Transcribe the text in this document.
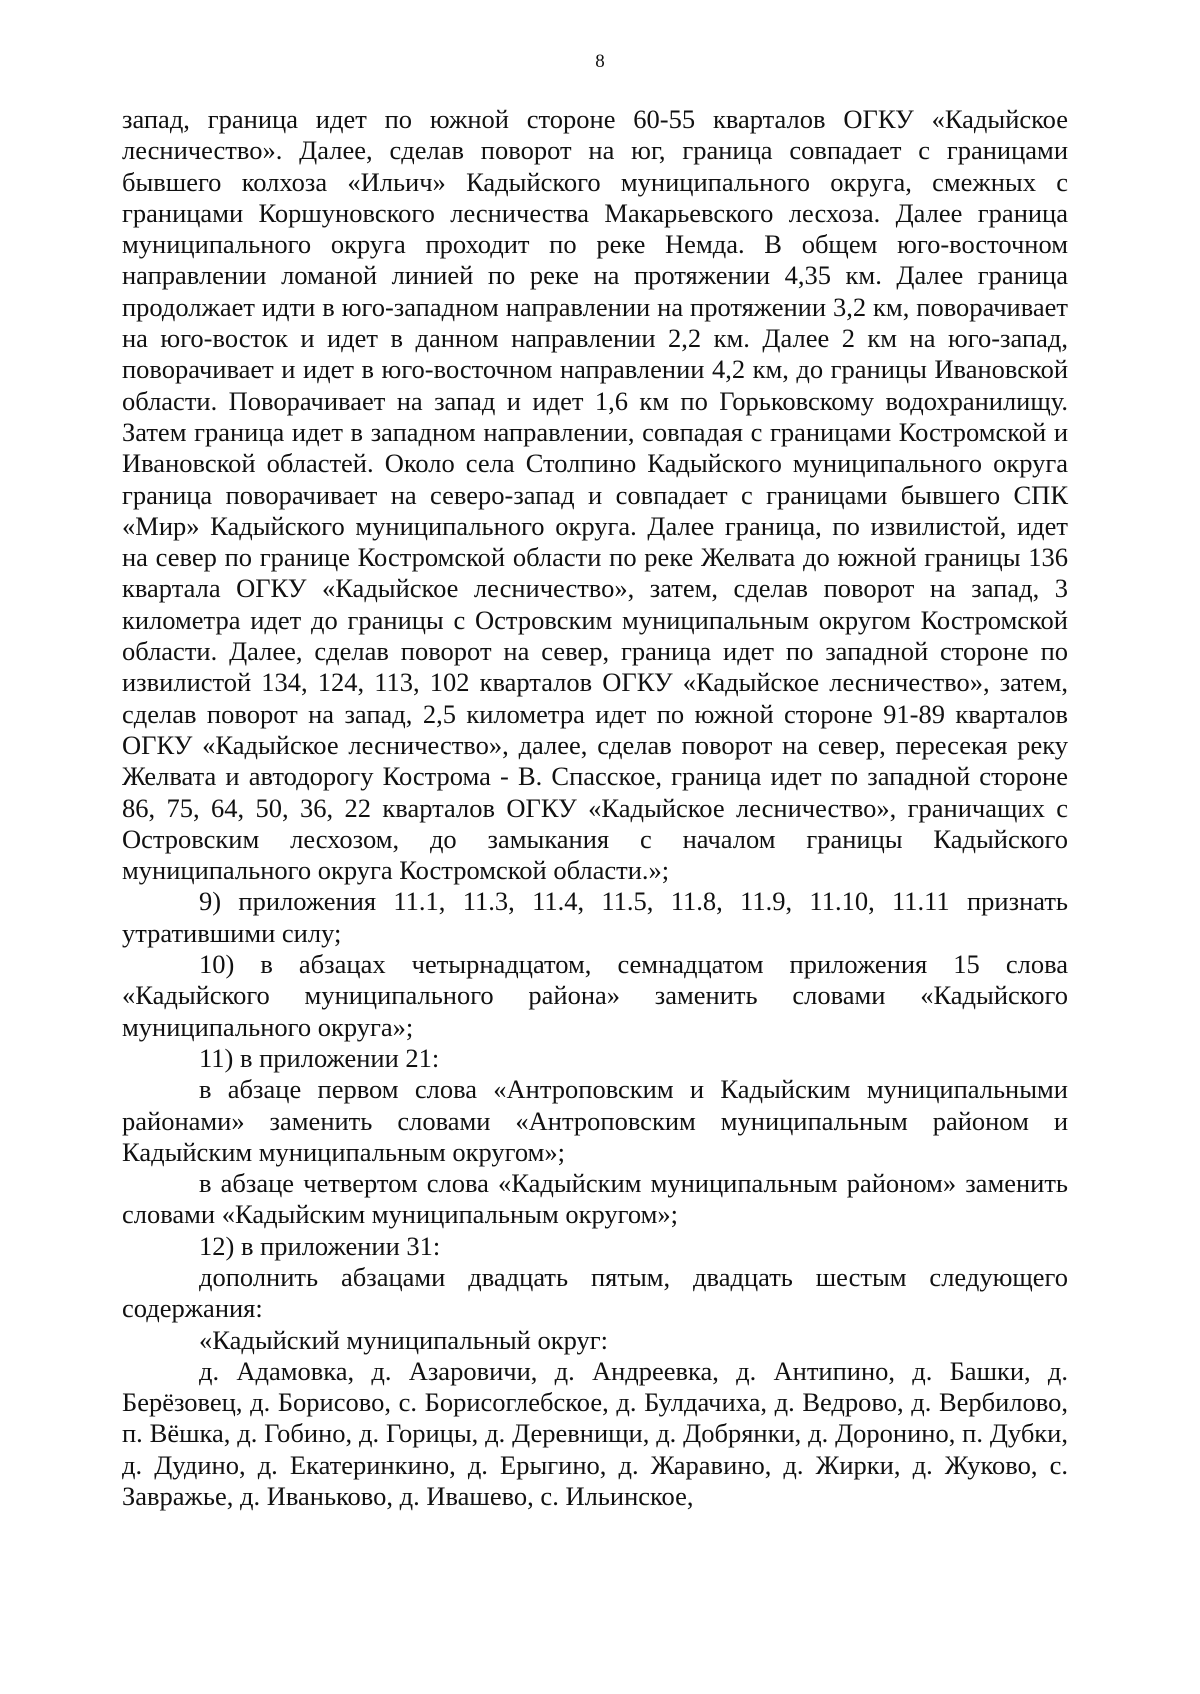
8

запад, граница идет по южной стороне 60-55 кварталов ОГКУ «Кадыйское лесничество». Далее, сделав поворот на юг, граница совпадает с границами бывшего колхоза «Ильич» Кадыйского муниципального округа, смежных с границами Коршуновского лесничества Макарьевского лесхоза. Далее граница муниципального округа проходит по реке Немда. В общем юго-восточном направлении ломаной линией по реке на протяжении 4,35 км. Далее граница продолжает идти в юго-западном направлении на протяжении 3,2 км, поворачивает на юго-восток и идет в данном направлении 2,2 км. Далее 2 км на юго-запад, поворачивает и идет в юго-восточном направлении 4,2 км, до границы Ивановской области. Поворачивает на запад и идет 1,6 км по Горьковскому водохранилищу. Затем граница идет в западном направлении, совпадая с границами Костромской и Ивановской областей. Около села Столпино Кадыйского муниципального округа граница поворачивает на северо-запад и совпадает с границами бывшего СПК «Мир» Кадыйского муниципального округа. Далее граница, по извилистой, идет на север по границе Костромской области по реке Желвата до южной границы 136 квартала ОГКУ «Кадыйское лесничество», затем, сделав поворот на запад, 3 километра идет до границы с Островским муниципальным округом Костромской области. Далее, сделав поворот на север, граница идет по западной стороне по извилистой 134, 124, 113, 102 кварталов ОГКУ «Кадыйское лесничество», затем, сделав поворот на запад, 2,5 километра идет по южной стороне 91-89 кварталов ОГКУ «Кадыйское лесничество», далее, сделав поворот на север, пересекая реку Желвата и автодорогу Кострома - В. Спасское, граница идет по западной стороне 86, 75, 64, 50, 36, 22 кварталов ОГКУ «Кадыйское лесничество», граничащих с Островским лесхозом, до замыкания с началом границы Кадыйского муниципального округа Костромской области.»;

9) приложения 11.1, 11.3, 11.4, 11.5, 11.8, 11.9, 11.10, 11.11 признать утратившими силу;

10) в абзацах четырнадцатом, семнадцатом приложения 15 слова «Кадыйского муниципального района» заменить словами «Кадыйского муниципального округа»;

11) в приложении 21:

в абзаце первом слова «Антроповским и Кадыйским муниципальными районами» заменить словами «Антроповским муниципальным районом и Кадыйским муниципальным округом»;

в абзаце четвертом слова «Кадыйским муниципальным районом» заменить словами «Кадыйским муниципальным округом»;

12) в приложении 31:

дополнить абзацами двадцать пятым, двадцать шестым следующего содержания:

«Кадыйский муниципальный округ:

д. Адамовка, д. Азаровичи, д. Андреевка, д. Антипино, д. Башки, д. Берёзовец, д. Борисово, с. Борисоглебское, д. Булдачиха, д. Ведрово, д. Вербилово, п. Вёшка, д. Гобино, д. Горицы, д. Деревнищи, д. Добрянки, д. Доронино, п. Дубки, д. Дудино, д. Екатеринкино, д. Ерыгино, д. Жаравино, д. Жирки, д. Жуково, с. Завражье, д. Иваньково, д. Ивашево, с. Ильинское,
